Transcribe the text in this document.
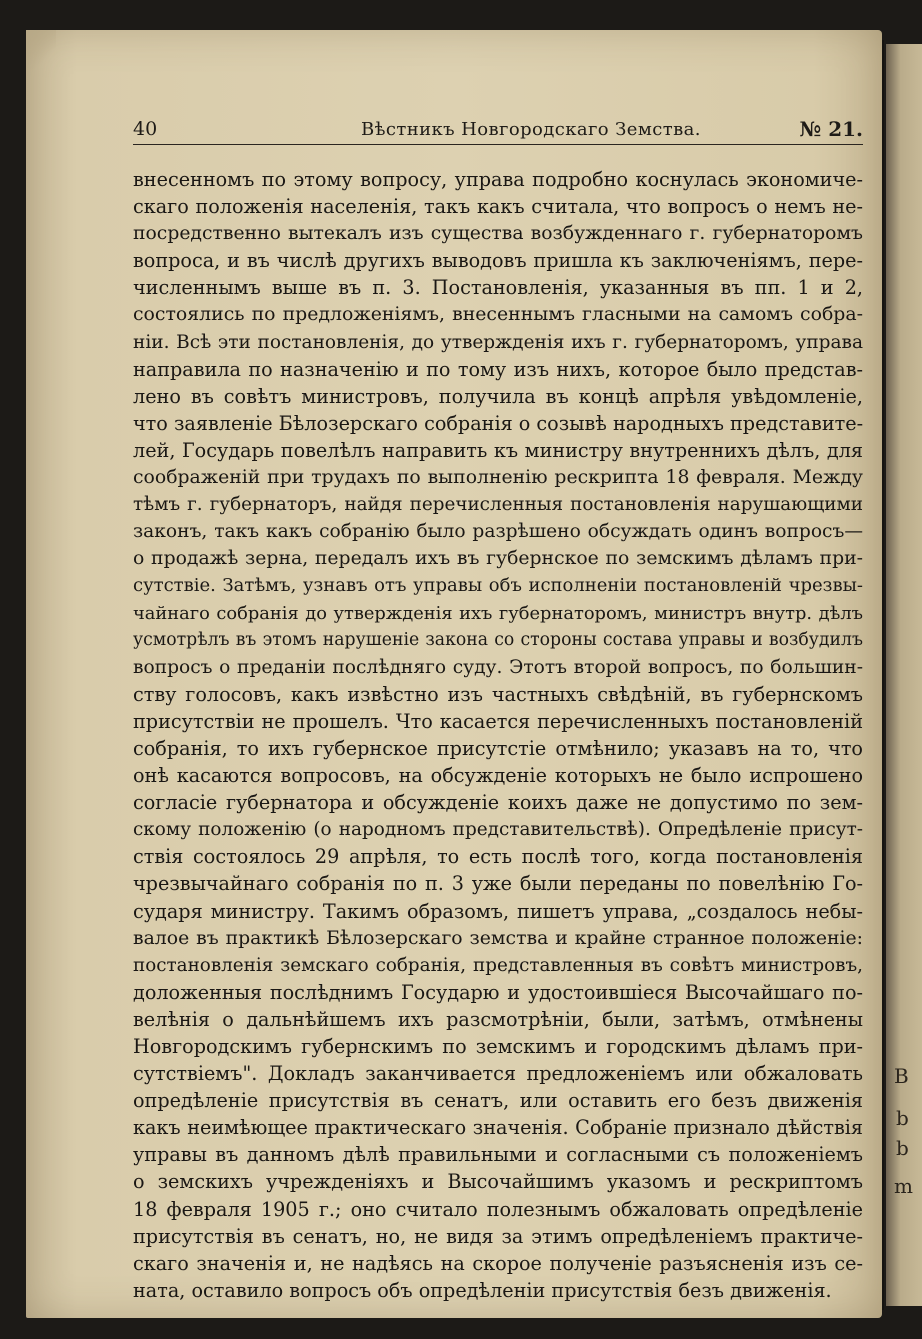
B
b
b
m
40	Вѣстникъ Новгородскаго Земства.	№ 21.
внесенномъ по этому вопросу, управа подробно коснулась экономиче-
скаго положенія населенія, такъ какъ считала, что вопросъ о немъ не-
посредственно вытекалъ изъ существа возбужденнаго г. губернаторомъ
вопроса, и въ числѣ другихъ выводовъ пришла къ заключеніямъ, пере-
численнымъ выше въ п. 3. Постановленія, указанныя въ пп. 1 и 2,
состоялись по предложеніямъ, внесеннымъ гласными на самомъ собра-
ніи. Всѣ эти постановленія, до утвержденія ихъ г. губернаторомъ, управа
направила по назначенію и по тому изъ нихъ, которое было представ-
лено въ совѣтъ министровъ, получила въ концѣ апрѣля увѣдомленіе,
что заявленіе Бѣлозерскаго собранія о созывѣ народныхъ представите-
лей, Государь повелѣлъ направить къ министру внутреннихъ дѣлъ, для
соображеній при трудахъ по выполненію рескрипта 18 февраля. Между
тѣмъ г. губернаторъ, найдя перечисленныя постановленія нарушающими
законъ, такъ какъ собранію было разрѣшено обсуждать одинъ вопросъ—
о продажѣ зерна, передалъ ихъ въ губернское по земскимъ дѣламъ при-
сутствіе. Затѣмъ, узнавъ отъ управы объ исполненіи постановленій чрезвы-
чайнаго собранія до утвержденія ихъ губернаторомъ, министръ внутр. дѣлъ
усмотрѣлъ въ этомъ нарушеніе закона со стороны состава управы и возбудилъ
вопросъ о преданіи послѣдняго суду. Этотъ второй вопросъ, по большин-
ству голосовъ, какъ извѣстно изъ частныхъ свѣдѣній, въ губернскомъ
присутствіи не прошелъ. Что касается перечисленныхъ постановленій
собранія, то ихъ губернское присутстіе отмѣнило; указавъ на то, что
онѣ касаются вопросовъ, на обсужденіе которыхъ не было испрошено
согласіе губернатора и обсужденіе коихъ даже не допустимо по зем-
скому положенію (о народномъ представительствѣ). Опредѣленіе присут-
ствія состоялось 29 апрѣля, то есть послѣ того, когда постановленія
чрезвычайнаго собранія по п. 3 уже были переданы по повелѣнію Го-
сударя министру. Такимъ образомъ, пишетъ управа, „создалось небы-
валое въ практикѣ Бѣлозерскаго земства и крайне странное положеніе:
постановленія земскаго собранія, представленныя въ совѣтъ министровъ,
доложенныя послѣднимъ Государю и удостоившіеся Высочайшаго по-
велѣнія о дальнѣйшемъ ихъ разсмотрѣніи, были, затѣмъ, отмѣнены
Новгородскимъ губернскимъ по земскимъ и городскимъ дѣламъ при-
сутствіемъ". Докладъ заканчивается предложеніемъ или обжаловать
опредѣленіе присутствія въ сенатъ, или оставить его безъ движенія
какъ неимѣющее практическаго значенія. Собраніе признало дѣйствія
управы въ данномъ дѣлѣ правильными и согласными съ положеніемъ
о земскихъ учрежденіяхъ и Высочайшимъ указомъ и рескриптомъ
18 февраля 1905 г.; оно считало полезнымъ обжаловать опредѣленіе
присутствія въ сенатъ, но, не видя за этимъ опредѣленіемъ практиче-
скаго значенія и, не надѣясь на скорое полученіе разъясненія изъ се-
ната, оставило вопросъ объ опредѣленіи присутствія безъ движенія.
